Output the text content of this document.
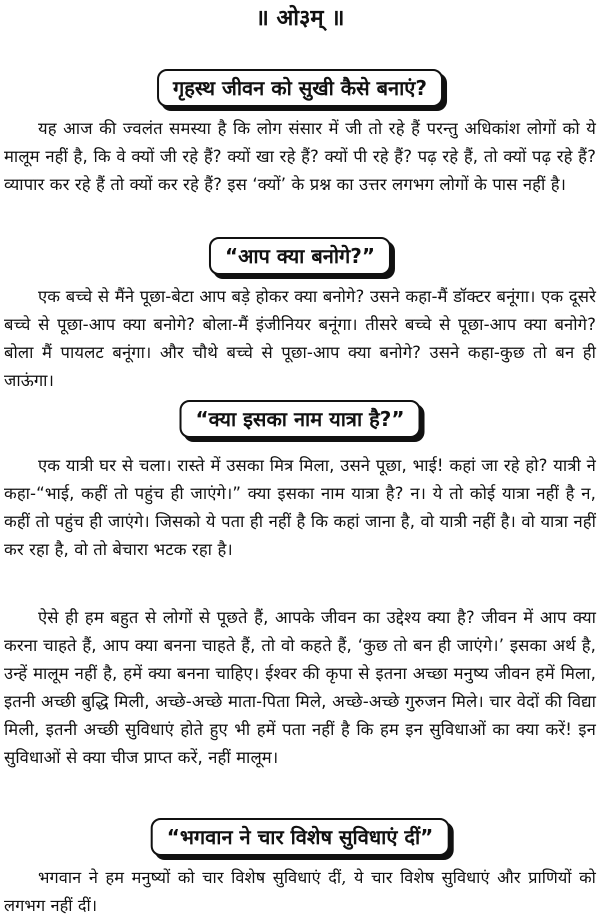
॥ ओ३म् ॥
गृहस्थ जीवन को सुखी कैसे बनाएं?

यह आज की ज्वलंत समस्या है कि लोग संसार में जी तो रहे हैं परन्तु अधिकांश लोगों को ये मालूम नहीं है, कि वे क्यों जी रहे हैं? क्यों खा रहे हैं? क्यों पी रहे हैं? पढ़ रहे हैं, तो क्यों पढ़ रहे हैं? व्यापार कर रहे हैं तो क्यों कर रहे हैं? इस ‘क्यों’ के प्रश्न का उत्तर लगभग लोगों के पास नहीं है।

“आप क्या बनोगे?”

एक बच्चे से मैंने पूछा-बेटा आप बड़े होकर क्या बनोगे? उसने कहा-मैं डॉक्टर बनूंगा। एक दूसरे बच्चे से पूछा-आप क्या बनोगे? बोला-मैं इंजीनियर बनूंगा। तीसरे बच्चे से पूछा-आप क्या बनोगे? बोला मैं पायलट बनूंगा। और चौथे बच्चे से पूछा-आप क्या बनोगे? उसने कहा-कुछ तो बन ही जाऊंगा।

“क्या इसका नाम यात्रा है?”

एक यात्री घर से चला। रास्ते में उसका मित्र मिला, उसने पूछा, भाई! कहां जा रहे हो? यात्री ने कहा-“भाई, कहीं तो पहुंच ही जाएंगे।” क्या इसका नाम यात्रा है? न। ये तो कोई यात्रा नहीं है न, कहीं तो पहुंच ही जाएंगे। जिसको ये पता ही नहीं है कि कहां जाना है, वो यात्री नहीं है। वो यात्रा नहीं कर रहा है, वो तो बेचारा भटक रहा है।

ऐसे ही हम बहुत से लोगों से पूछते हैं, आपके जीवन का उद्देश्य क्या है? जीवन में आप क्या करना चाहते हैं, आप क्या बनना चाहते हैं, तो वो कहते हैं, ‘कुछ तो बन ही जाएंगे।’ इसका अर्थ है, उन्हें मालूम नहीं है, हमें क्या बनना चाहिए। ईश्वर की कृपा से इतना अच्छा मनुष्य जीवन हमें मिला, इतनी अच्छी बुद्धि मिली, अच्छे-अच्छे माता-पिता मिले, अच्छे-अच्छे गुरुजन मिले। चार वेदों की विद्या मिली, इतनी अच्छी सुविधाएं होते हुए भी हमें पता नहीं है कि हम इन सुविधाओं का क्या करें! इन सुविधाओं से क्या चीज प्राप्त करें, नहीं मालूम।

“भगवान ने चार विशेष सुविधाएं दीं”

भगवान ने हम मनुष्यों को चार विशेष सुविधाएं दीं, ये चार विशेष सुविधाएं और प्राणियों को लगभग नहीं दीं।
